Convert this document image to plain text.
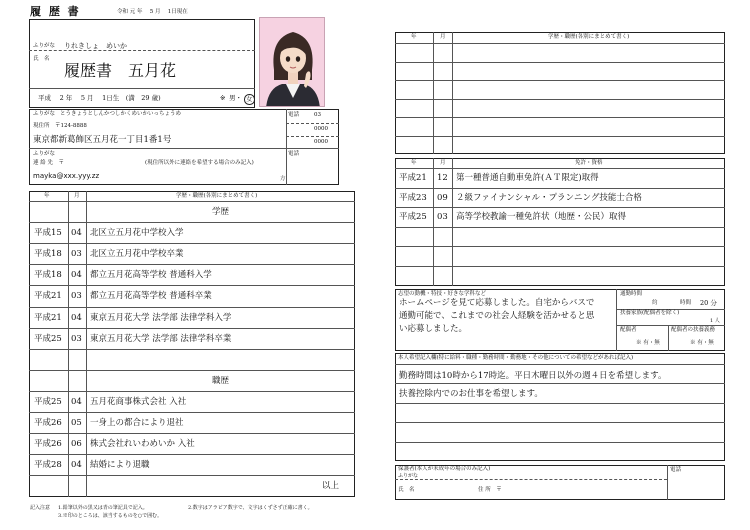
履 歴 書	令和 元 年　 5 月　 1日現在
ふりがな りれきしょ　めいか
氏　名
履歴書　五月花
平成　 2 年　 5 月　 1日生　(満　29 歳)	※ 男・ 女
ふりがな とうきょうとしんかつしかくめいかいっちょうめ
現住所　〒124-8888
東京都新葛飾区五月花一丁目1番1号
電話	03
0000
0000
ふりがな
連 絡 先　〒	(現住所以外に連絡を希望する場合のみ記入)
mayka@xxx.yyy.zz
電話
方
年	月	学歴・職歴(各別にまとめて書く)
学歴
平成15 04 北区立五月花中学校入学
平成18 03 北区立五月花中学校卒業
平成18 04 都立五月花高等学校 普通科入学
平成21 03 都立五月花高等学校 普通科卒業
平成21 04 東京五月花大学 法学部 法律学科入学
平成25 03 東京五月花大学 法学部 法律学科卒業
職歴
平成25 04 五月花商事株式会社 入社
平成26 05 一身上の都合により退社
平成26 06 株式会社れいわめいか 入社
平成28 04 結婚により退職
以上
記入注意 1.鉛筆以外の黒又は青の筆記具で記入。
3.※印のところは、該当するものを○で囲む。
2.数字はアラビア数字で、文字はくずさず正確に書く。
年	月	学歴・職歴(各別にまとめて書く)
年	月	免許・資格
平成21 12 第一種普通自動車免許(ＡＴ限定)取得
平成23 09 ２級ファイナンシャル・プランニング技能士合格
平成25 03 高等学校教諭一種免許状（地歴・公民）取得
志望の動機・特技・好きな学科など
ホームページを見て応募しました。自宅からバスで
通勤可能で、これまでの社会人経験を活かせると思
い応募しました。
通勤時間
約	時間 20 分
扶養家族(配偶者を除く)
1 人
配偶者
※ 有・無
配偶者の扶養義務
※ 有・無
本人希望記入欄(特に給料・職種・勤務時間・勤務地・その他についての希望などがあれば記入)
勤務時間は10時から17時迄。平日木曜日以外の週４日を希望します。
扶養控除内でのお仕事を希望します。
保護者(本人が未成年の場合のみ記入)
ふりがな
氏　名	住 所　〒
電話
